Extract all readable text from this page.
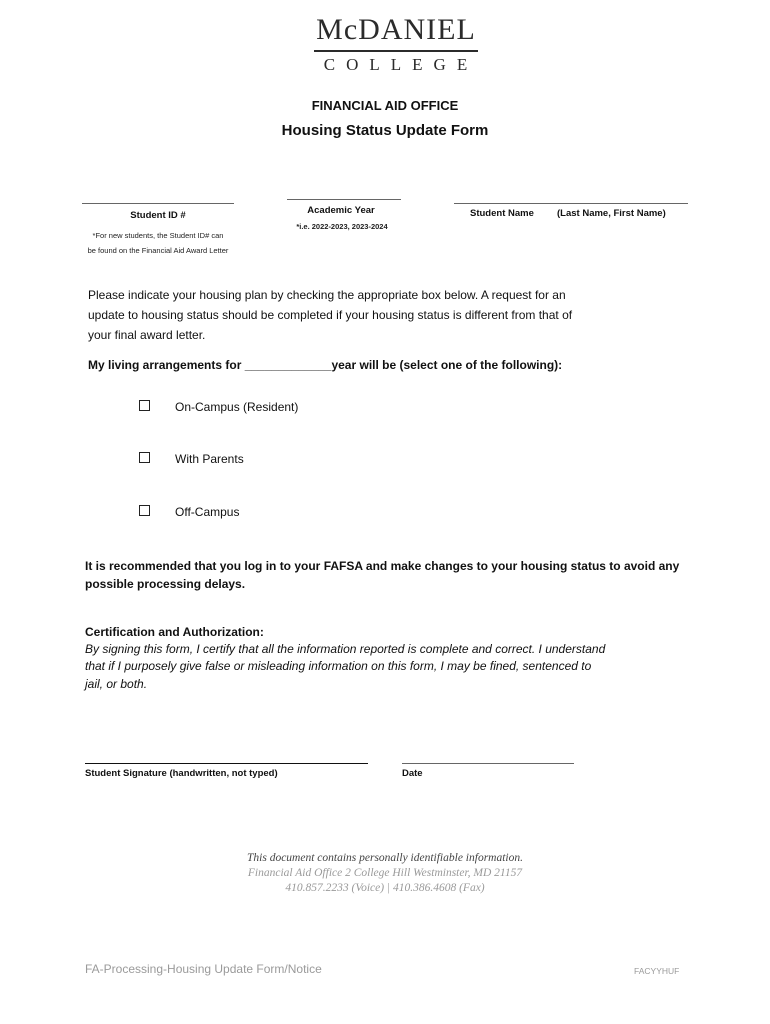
McDANIEL
COLLEGE
FINANCIAL AID OFFICE
Housing Status Update Form
Student ID #
*For new students, the Student ID# can
be found on the Financial Aid Award Letter
Academic Year
*i.e. 2022-2023, 2023-2024
Student Name (Last Name, First Name)
Please indicate your housing plan by checking the appropriate box below. A request for an
update to housing status should be completed if your housing status is different from that of
your final award letter.
My living arrangements for _____________year will be (select one of the following):
On-Campus (Resident)
With Parents
Off-Campus
It is recommended that you log in to your FAFSA and make changes to your housing status to avoid any
possible processing delays.
Certification and Authorization:
By signing this form, I certify that all the information reported is complete and correct. I understand
that if I purposely give false or misleading information on this form, I may be fined, sentenced to
jail, or both.
Student Signature (handwritten, not typed)	Date
This document contains personally identifiable information.
Financial Aid Office 2 College Hill Westminster, MD 21157
410.857.2233 (Voice) | 410.386.4608 (Fax)
FA-Processing-Housing Update Form/Notice	FACYYHUF
